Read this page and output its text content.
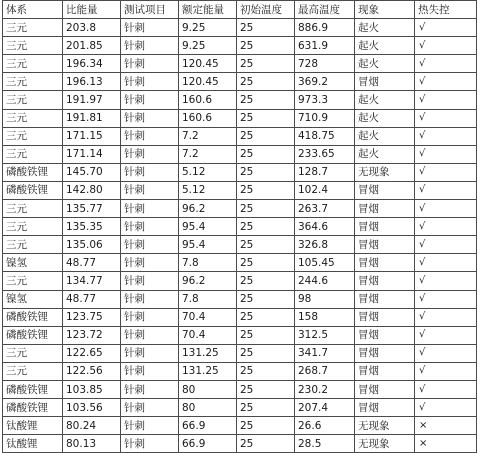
体系	比能量	测试项目	额定能量	初始温度	最高温度	现象	热失控
三元	203.8	针刺	9.25	25	886.9	起火	√
三元	201.85	针刺	9.25	25	631.9	起火	√
三元	196.34	针刺	120.45	25	728	起火	√
三元	196.13	针刺	120.45	25	369.2	冒烟	√
三元	191.97	针刺	160.6	25	973.3	起火	√
三元	191.81	针刺	160.6	25	710.9	起火	√
三元	171.15	针刺	7.2	25	418.75	起火	√
三元	171.14	针刺	7.2	25	233.65	起火	√
磷酸铁锂	145.70	针刺	5.12	25	128.7	无现象	√
磷酸铁锂	142.80	针刺	5.12	25	102.4	冒烟	√
三元	135.77	针刺	96.2	25	263.7	冒烟	√
三元	135.35	针刺	95.4	25	364.6	冒烟	√
三元	135.06	针刺	95.4	25	326.8	冒烟	√
镍氢	48.77	针刺	7.8	25	105.45	冒烟	√
三元	134.77	针刺	96.2	25	244.6	冒烟	√
镍氢	48.77	针刺	7.8	25	98	冒烟	√
磷酸铁锂	123.75	针刺	70.4	25	158	冒烟	√
磷酸铁锂	123.72	针刺	70.4	25	312.5	冒烟	√
三元	122.65	针刺	131.25	25	341.7	冒烟	√
三元	122.56	针刺	131.25	25	268.7	冒烟	√
磷酸铁锂	103.85	针刺	80	25	230.2	冒烟	√
磷酸铁锂	103.56	针刺	80	25	207.4	冒烟	√
钛酸锂	80.24	针刺	66.9	25	26.6	无现象	×
钛酸锂	80.13	针刺	66.9	25	28.5	无现象	×
